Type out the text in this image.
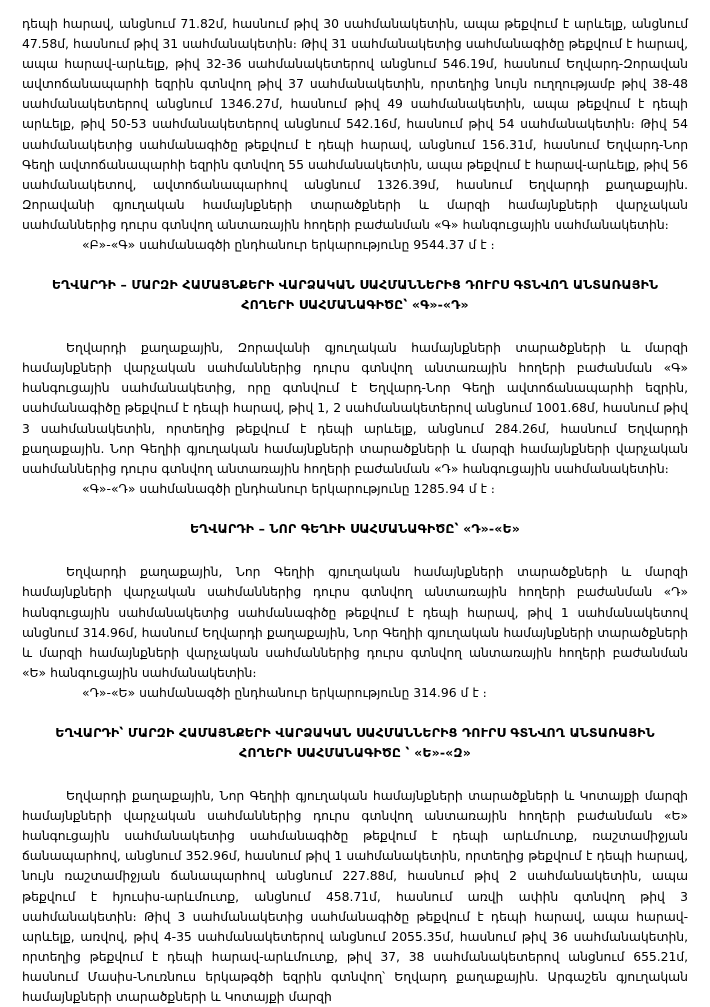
դեպի հարավ, անցնում 71.82մ, հասնում թիվ 30 սահմանակետին, ապա թեքվում է արևելք, անցնում 47.58մ, հասնում թիվ 31 սահմանակետին։ Թիվ 31 սահմանակետից սահմանագիծը թեքվում է հարավ, ապա հարավ-արևելք, թիվ 32-36 սահմանակետերով անցնում 546.19մ, հասնում Եղվարդ-Զորավան ավտոճանապարհի եզրին գտնվող թիվ 37 սահմանակետին, որտեղից նույն ուղղությամբ թիվ 38-48 սահմանակետերով անցնում 1346.27մ, հասնում թիվ 49 սահմանակետին, ապա թեքվում է դեպի արևելք, թիվ 50-53 սահմանակետերով անցնում 542.16մ, հասնում թիվ 54 սահմանակետին։ Թիվ 54 սահմանակետից սահմանագիծը թեքվում է դեպի հարավ, անցնում 156.31մ, հասնում Եղվարդ-Նոր Գեղի ավտոճանապարհի եզրին գտնվող 55 սահմանակետին, ապա թեքվում է հարավ-արևելք, թիվ 56 սահմանակետով, ավտոճանապարհով անցնում 1326.39մ, հասնում Եղվարդի քաղաքային. Զորավանի գյուղական համայնքների տարածքների և մարզի համայնքների վարչական սահմաններից դուրս գտնվող անտառային հողերի բաժանման «Գ» հանգուցային սահմանակետին։

«Բ»-«Գ» սահմանագծի ընդհանուր երկարությունը 9544.37 մ է ։

ԵՂՎԱՐԴԻ – ՄԱՐԶԻ ՀԱՄԱՅՆՔԵՐԻ ՎԱՐՁԱԿԱՆ ՍԱՀՄԱՆՆԵՐԻՑ ԴՈՒՐՍ ԳՏՆՎՈՂ ԱՆՏԱՌԱՅԻՆ
ՀՈՂԵՐԻ ՍԱՀՄԱՆԱԳԻԾԸ՝ «Գ»-«Դ»

Եղվարդի քաղաքային, Զորավանի գյուղական համայնքների տարածքների և մարզի համայնքների վարչական սահմաններից դուրս գտնվող անտառային հողերի բաժանման «Գ» հանգուցային սահմանակետից, որը գտնվում է Եղվարդ-Նոր Գեղի ավտոճանապարհի եզրին, սահմանագիծը թեքվում է դեպի հարավ, թիվ 1, 2 սահմանակետերով անցնում 1001.68մ, հասնում թիվ 3 սահմանակետին, որտեղից թեքվում է դեպի արևելք, անցնում 284.26մ, հասնում Եղվարդի քաղաքային. Նոր Գեղիի գյուղական համայնքների տարածքների և մարզի համայնքների վարչական սահմաններից դուրս գտնվող անտառային հողերի բաժանման «Դ» հանգուցային սահմանակետին։

«Գ»-«Դ» սահմանագծի ընդհանուր երկարությունը 1285.94 մ է ։

ԵՂՎԱՐԴԻ – ՆՈՐ ԳԵՂԻԻ ՍԱՀՄԱՆԱԳԻԾԸ՝ «Դ»-«Ե»

Եղվարդի քաղաքային, Նոր Գեղիի գյուղական համայնքների տարածքների և մարզի համայնքների վարչական սահմաններից դուրս գտնվող անտառային հողերի բաժանման «Դ» հանգուցային սահմանակետից սահմանագիծը թեքվում է դեպի հարավ, թիվ 1 սահմանակետով անցնում 314.96մ, հասնում Եղվարդի քաղաքային, Նոր Գեղիի գյուղական համայնքների տարածքների և մարզի համայնքների վարչական սահմաններից դուրս գտնվող անտառային հողերի բաժանման «Ե» հանգուցային սահմանակետին։

«Դ»-«Ե» սահմանագծի ընդհանուր երկարությունը 314.96 մ է ։

ԵՂՎԱՐԴԻ՝ ՄԱՐԶԻ ՀԱՄԱՅՆՔԵՐԻ ՎԱՐՁԱԿԱՆ ՍԱՀՄԱՆՆԵՐԻՑ ԴՈՒՐՍ ԳՏՆՎՈՂ ԱՆՏԱՌԱՅԻՆ
ՀՈՂԵՐԻ ՍԱՀՄԱՆԱԳԻԾԸ ՝ «Ե»-«Զ»

Եղվարդի քաղաքային, Նոր Գեղիի գյուղական համայնքների տարածքների և Կոտայքի մարզի համայնքների վարչական սահմաններից դուրս գտնվող անտառային հողերի բաժանման «Ե» հանգուցային սահմանակետից սահմանագիծը թեքվում է դեպի արևմուտք, ռաշտամիջյան ճանապարհով, անցնում 352.96մ, հասնում թիվ 1 սահմանակետին, որտեղից թեքվում է դեպի հարավ, նույն ռաշտամիջյան ճանապարհով անցնում 227.88մ, հասնում թիվ 2 սահմանակետին, ապա թեքվում է հյուսիս-արևմուտք, անցնում 458.71մ, հասնում առվի ափին գտնվող թիվ 3 սահմանակետին։ Թիվ 3 սահմանակետից սահմանագիծը թեքվում է դեպի հարավ, ապա հարավ-արևելք, առվով, թիվ 4-35 սահմանակետերով անցնում 2055.35մ, հասնում թիվ 36 սահմանակետին, որտեղից թեքվում է դեպի հարավ-արևմուտք, թիվ 37, 38 սահմանակետերով անցնում 655.21մ, հասնում Մասիս-Նուռնուս երկաթգծի եզրին գտնվող՝ Եղվարդ քաղաքային. Արգաշեն գյուղական համայնքների տարածքների և Կոտայքի մարզի
